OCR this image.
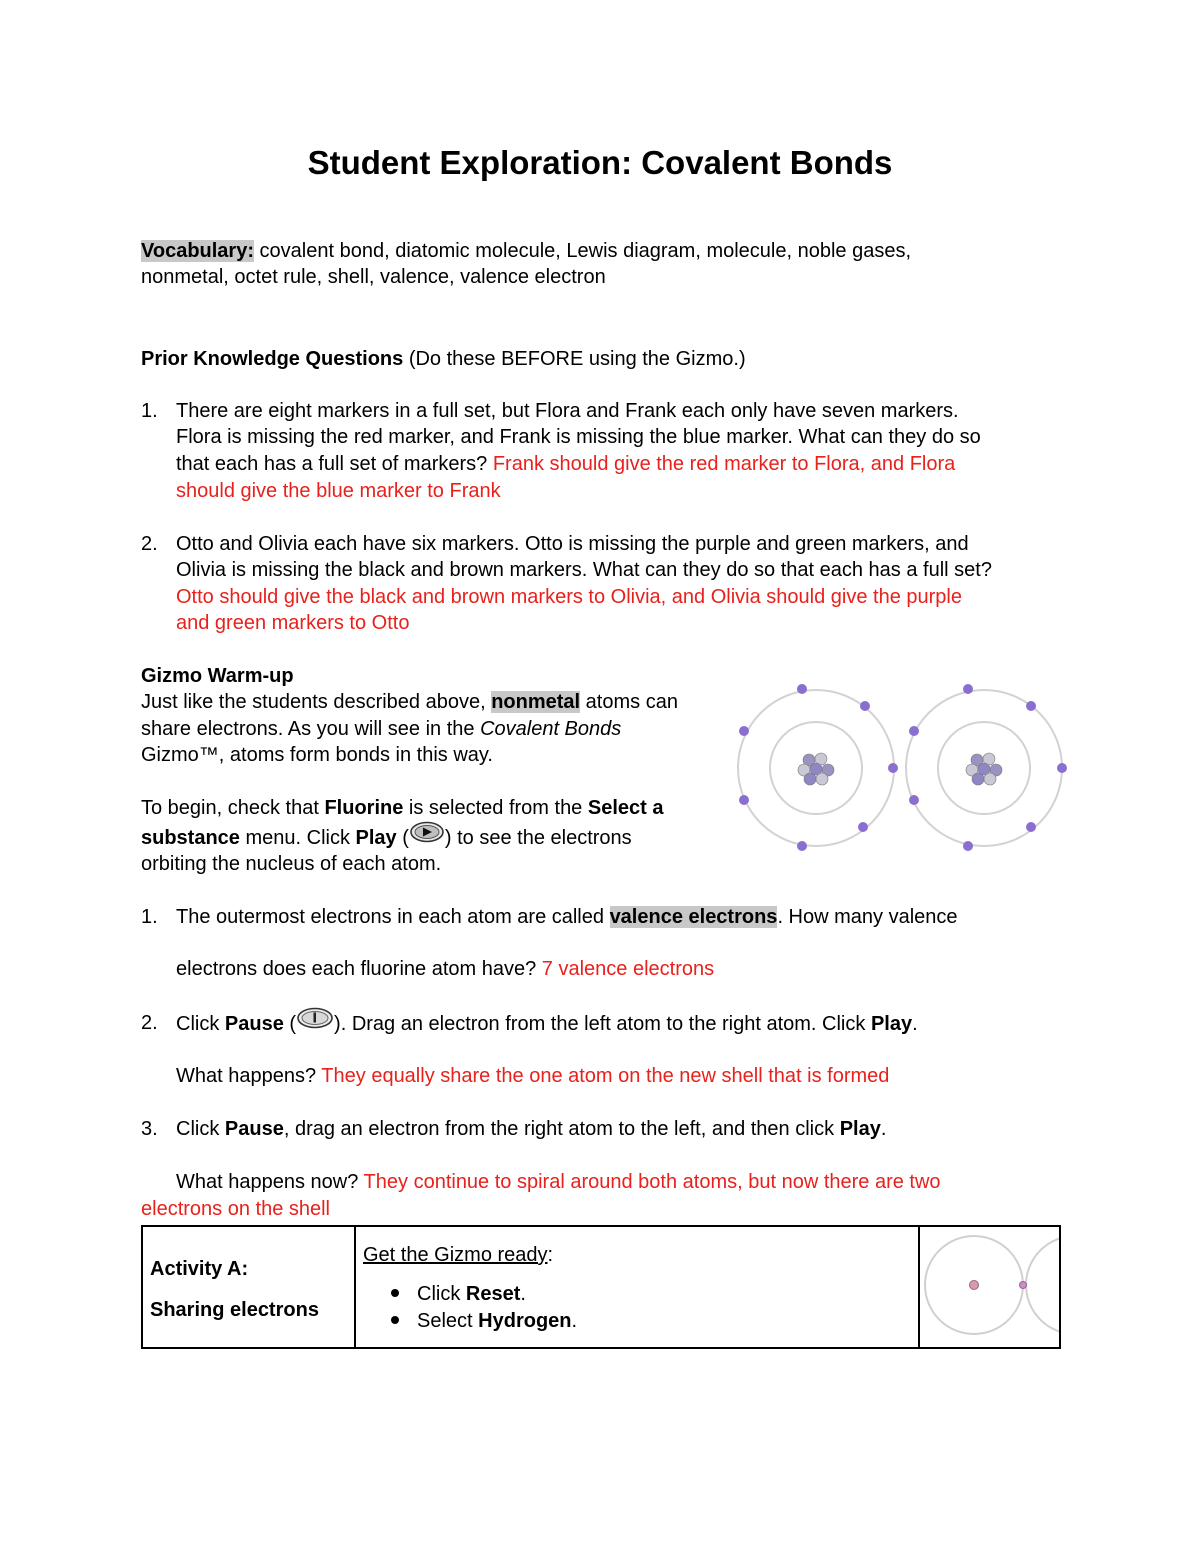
Student Exploration: Covalent Bonds
Vocabulary: covalent bond, diatomic molecule, Lewis diagram, molecule, noble gases,
nonmetal, octet rule, shell, valence, valence electron
Prior Knowledge Questions (Do these BEFORE using the Gizmo.)
1. There are eight markers in a full set, but Flora and Frank each only have seven markers.
Flora is missing the red marker, and Frank is missing the blue marker. What can they do so
that each has a full set of markers? Frank should give the red marker to Flora, and Flora
should give the blue marker to Frank
2. Otto and Olivia each have six markers. Otto is missing the purple and green markers, and
Olivia is missing the black and brown markers. What can they do so that each has a full set?
Otto should give the black and brown markers to Olivia, and Olivia should give the purple
and green markers to Otto
Gizmo Warm-up
Just like the students described above, nonmetal atoms can
share electrons. As you will see in the Covalent Bonds
Gizmo™, atoms form bonds in this way.
To begin, check that Fluorine is selected from the Select a
substance menu. Click Play ( ) to see the electrons
orbiting the nucleus of each atom.
1. The outermost electrons in each atom are called valence electrons. How many valence
electrons does each fluorine atom have? 7 valence electrons
2. Click Pause ( ). Drag an electron from the left atom to the right atom. Click Play.
What happens? They equally share the one atom on the new shell that is formed
3. Click Pause, drag an electron from the right atom to the left, and then click Play.
What happens now? They continue to spiral around both atoms, but now there are two
electrons on the shell
Activity A:
Sharing electrons
Get the Gizmo ready:
Click Reset.
Select Hydrogen.
